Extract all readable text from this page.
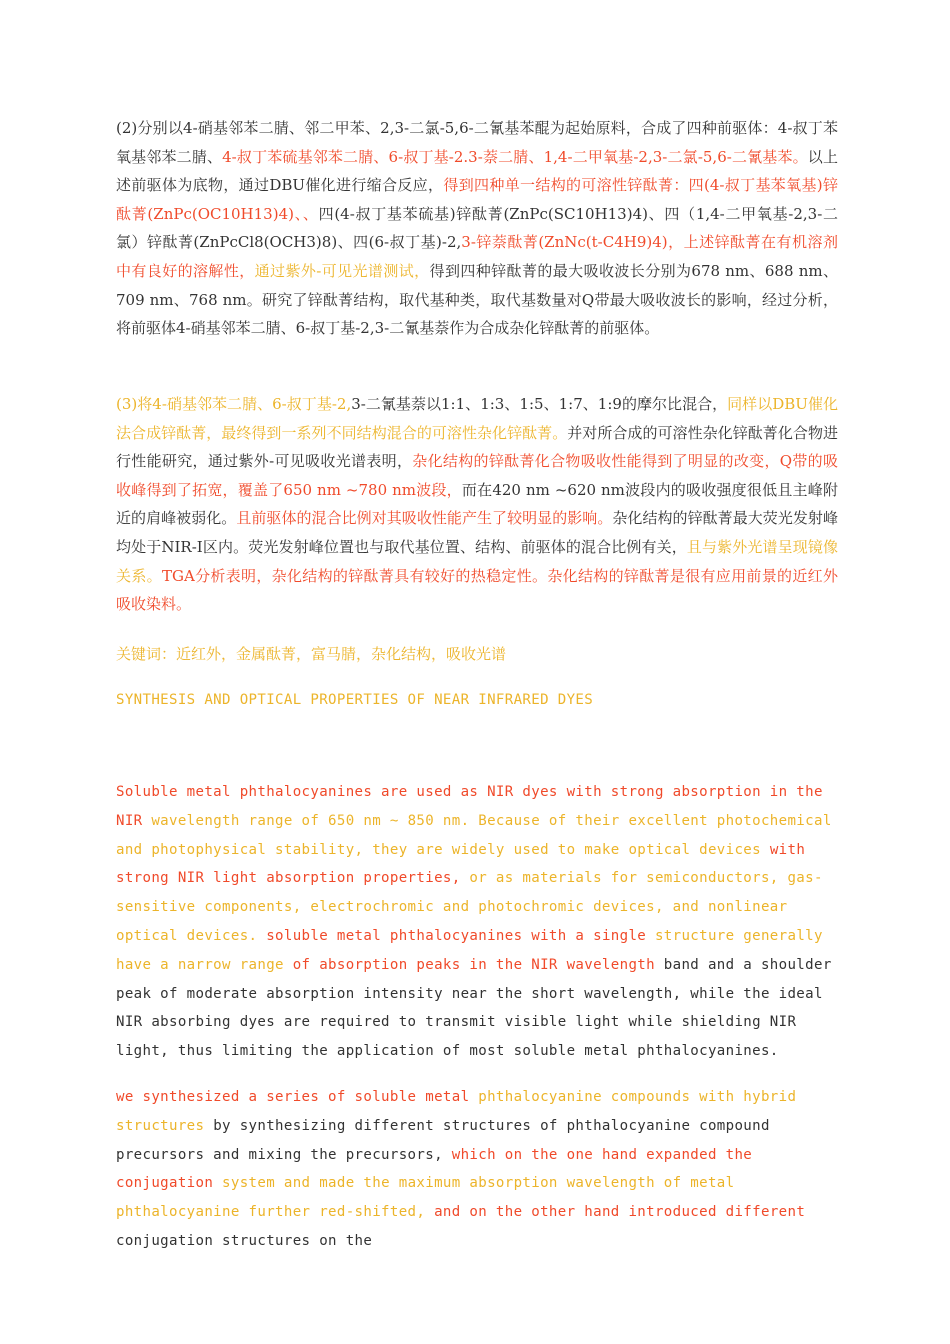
(2)分别以4-硝基邻苯二腈、邻二甲苯、2,3-二氯-5,6-二氰基苯醌为起始原料，合成了四种前驱体：4-叔丁苯氧基邻苯二腈、4-叔丁苯硫基邻苯二腈、6-叔丁基-2.3-萘二腈、1,4-二甲氧基-2,3-二氯-5,6-二氰基苯。以上述前驱体为底物，通过DBU催化进行缩合反应，得到四种单一结构的可溶性锌酞菁：四(4-叔丁基苯氧基)锌酞菁(ZnPc(OC10H13)4)、、四(4-叔丁基苯硫基)锌酞菁(ZnPc(SC10H13)4)、四（1,4-二甲氧基-2,3-二氯）锌酞菁(ZnPcCl8(OCH3)8)、四(6-叔丁基)-2,3-锌萘酞菁(ZnNc(t-C4H9)4)，上述锌酞菁在有机溶剂中有良好的溶解性，通过紫外-可见光谱测试，得到四种锌酞菁的最大吸收波长分别为678 nm、688 nm、709 nm、768 nm。研究了锌酞菁结构，取代基种类，取代基数量对Q带最大吸收波长的影响，经过分析，将前驱体4-硝基邻苯二腈、6-叔丁基-2,3-二氰基萘作为合成杂化锌酞菁的前驱体。

(3)将4-硝基邻苯二腈、6-叔丁基-2,3-二氰基萘以1:1、1:3、1:5、1:7、1:9的摩尔比混合，同样以DBU催化法合成锌酞菁，最终得到一系列不同结构混合的可溶性杂化锌酞菁。并对所合成的可溶性杂化锌酞菁化合物进行性能研究，通过紫外-可见吸收光谱表明，杂化结构的锌酞菁化合物吸收性能得到了明显的改变，Q带的吸收峰得到了拓宽，覆盖了650 nm ~780 nm波段，而在420 nm ~620 nm波段内的吸收强度很低且主峰附近的肩峰被弱化。且前驱体的混合比例对其吸收性能产生了较明显的影响。杂化结构的锌酞菁最大荧光发射峰均处于NIR-I区内。荧光发射峰位置也与取代基位置、结构、前驱体的混合比例有关，且与紫外光谱呈现镜像关系。TGA分析表明，杂化结构的锌酞菁具有较好的热稳定性。杂化结构的锌酞菁是很有应用前景的近红外吸收染料。

关键词：近红外，金属酞菁，富马腈，杂化结构，吸收光谱

SYNTHESIS AND OPTICAL PROPERTIES OF NEAR INFRARED DYES

Soluble metal phthalocyanines are used as NIR dyes with strong absorption in the NIR wavelength range of 650 nm ~ 850 nm. Because of their excellent photochemical and photophysical stability, they are widely used to make optical devices with strong NIR light absorption properties, or as materials for semiconductors, gas-sensitive components, electrochromic and photochromic devices, and nonlinear optical devices. soluble metal phthalocyanines with a single structure generally have a narrow range of absorption peaks in the NIR wavelength band and a shoulder peak of moderate absorption intensity near the short wavelength, while the ideal NIR absorbing dyes are required to transmit visible light while shielding NIR light, thus limiting the application of most soluble metal phthalocyanines.

we synthesized a series of soluble metal phthalocyanine compounds with hybrid structures by synthesizing different structures of phthalocyanine compound precursors and mixing the precursors, which on the one hand expanded the conjugation system and made the maximum absorption wavelength of metal phthalocyanine further red-shifted, and on the other hand introduced different conjugation structures on the
